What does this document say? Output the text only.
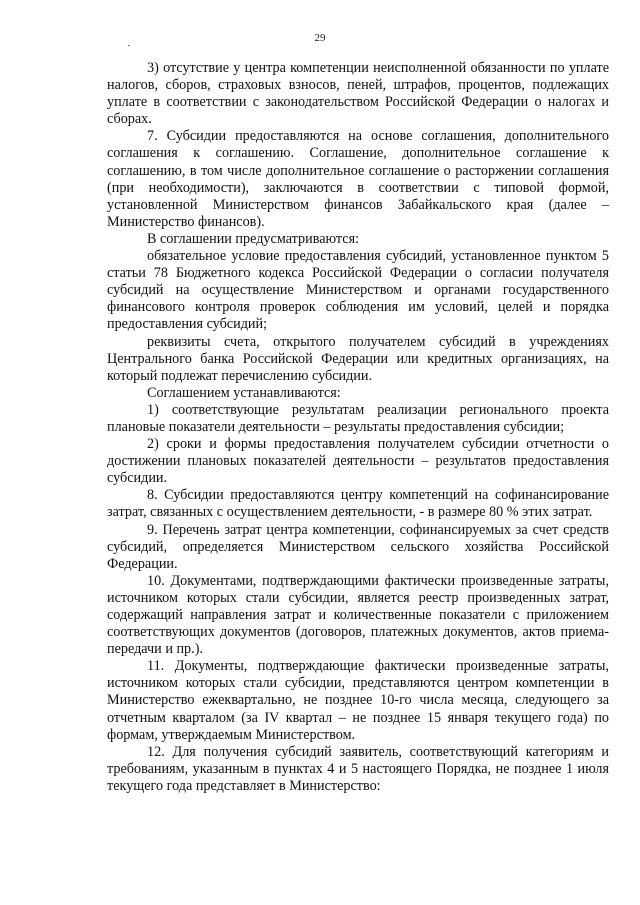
29

3) отсутствие у центра компетенции неисполненной обязанности по уплате налогов, сборов, страховых взносов, пеней, штрафов, процентов, подлежащих уплате в соответствии с законодательством Российской Федерации о налогах и сборах.

7. Субсидии предоставляются на основе соглашения, дополнительного соглашения к соглашению. Соглашение, дополнительное соглашение к соглашению, в том числе дополнительное соглашение о расторжении соглашения (при необходимости), заключаются в соответствии с типовой формой, установленной Министерством финансов Забайкальского края (далее – Министерство финансов).

В соглашении предусматриваются:

обязательное условие предоставления субсидий, установленное пунктом 5 статьи 78 Бюджетного кодекса Российской Федерации о согласии получателя субсидий на осуществление Министерством и органами государственного финансового контроля проверок соблюдения им условий, целей и порядка предоставления субсидий;

реквизиты счета, открытого получателем субсидий в учреждениях Центрального банка Российской Федерации или кредитных организациях, на который подлежат перечислению субсидии.

Соглашением устанавливаются:

1) соответствующие результатам реализации регионального проекта плановые показатели деятельности – результаты предоставления субсидии;

2) сроки и формы предоставления получателем субсидии отчетности о достижении плановых показателей деятельности – результатов предоставления субсидии.

8. Субсидии предоставляются центру компетенций на софинансирование затрат, связанных с осуществлением деятельности, - в размере 80 % этих затрат.

9. Перечень затрат центра компетенции, софинансируемых за счет средств субсидий, определяется Министерством сельского хозяйства Российской Федерации.

10. Документами, подтверждающими фактически произведенные затраты, источником которых стали субсидии, является реестр произведенных затрат, содержащий направления затрат и количественные показатели с приложением соответствующих документов (договоров, платежных документов, актов приема-передачи и пр.).

11. Документы, подтверждающие фактически произведенные затраты, источником которых стали субсидии, представляются центром компетенции в Министерство ежеквартально, не позднее 10-го числа месяца, следующего за отчетным кварталом (за IV квартал – не позднее 15 января текущего года) по формам, утверждаемым Министерством.

12. Для получения субсидий заявитель, соответствующий категориям и требованиям, указанным в пунктах 4 и 5 настоящего Порядка, не позднее 1 июля текущего года представляет в Министерство:
